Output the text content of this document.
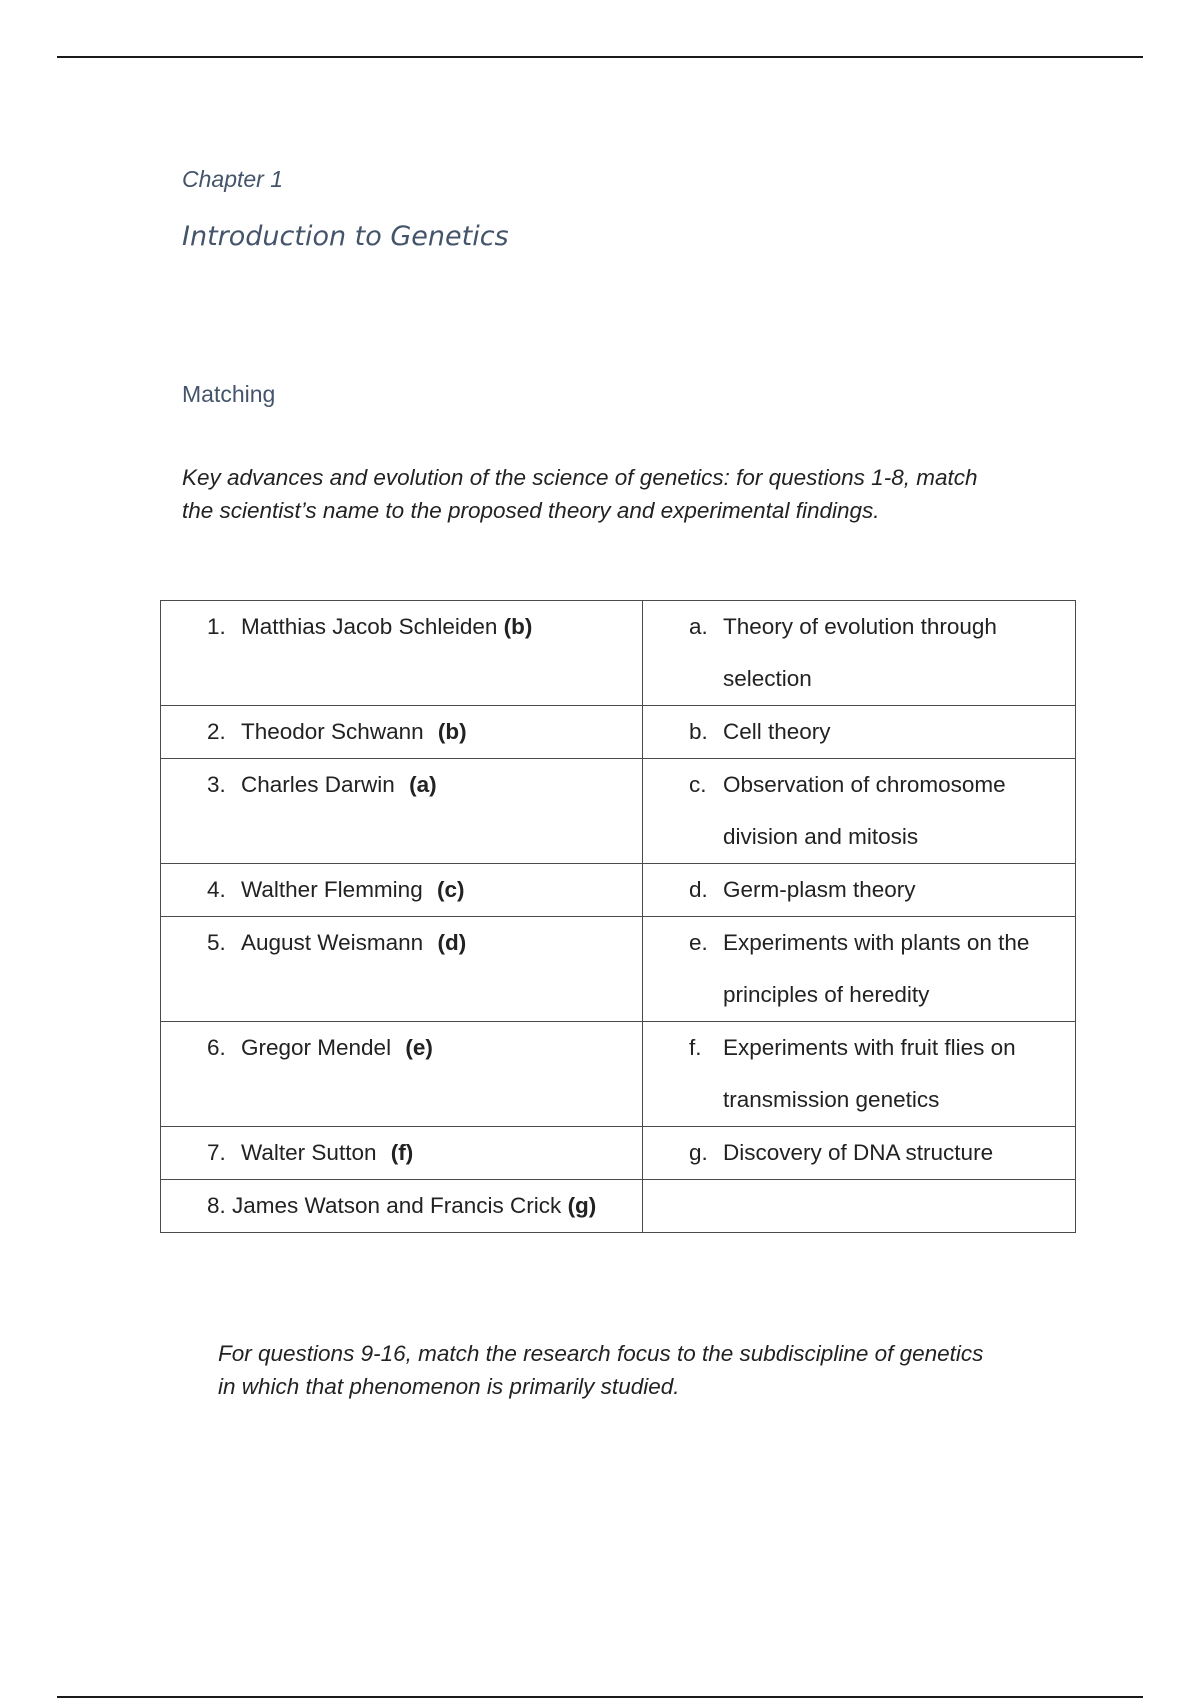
Chapter 1
Introduction to Genetics
Matching
Key advances and evolution of the science of genetics: for questions 1-8, match
the scientist’s name to the proposed theory and experimental findings.
1. Matthias Jacob Schleiden (b)	a. Theory of evolution through selection

2. Theodor Schwann (b)	b. Cell theory

3. Charles Darwin (a)	c. Observation of chromosome division and mitosis

4. Walther Flemming (c)	d. Germ-plasm theory

5. August Weismann (d)	e. Experiments with plants on the principles of heredity

6. Gregor Mendel (e)	f. Experiments with fruit flies on transmission genetics

7. Walter Sutton (f)	g. Discovery of DNA structure

8. James Watson and Francis Crick (g)	

For questions 9-16, match the research focus to the subdiscipline of genetics
in which that phenomenon is primarily studied.
